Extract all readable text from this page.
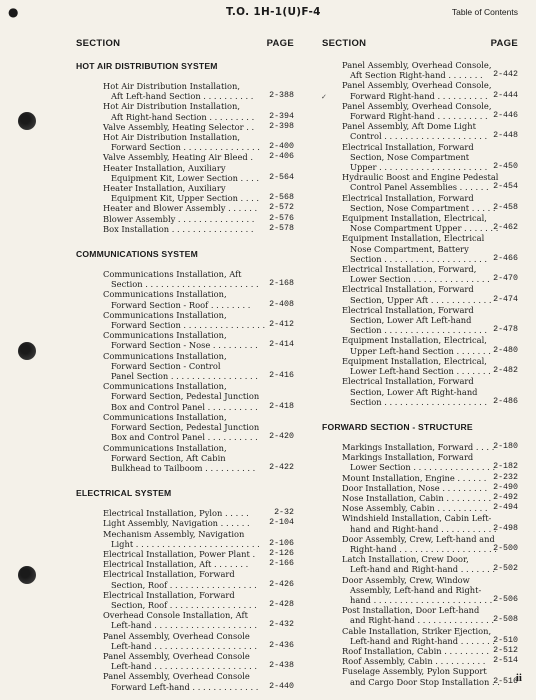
●	T.O. 1H-1(U)F-4	Table of Contents
✓
SECTION	PAGE
HOT AIR DISTRIBUTION SYSTEM
Hot Air Distribution Installation,
Aft Left-hand Section . . . . . . . . . . 2-388
Hot Air Distribution Installation,
Aft Right-hand Section . . . . . . . . . 2-394
Valve Assembly, Heating Selector . . 2-398
Hot Air Distribution Installation,
Forward Section . . . . . . . . . . . . . . . 2-400
Valve Assembly, Heating Air Bleed . 2-406
Heater Installation, Auxiliary
Equipment Kit, Lower Section . . . . 2-564
Heater Installation, Auxiliary
Equipment Kit, Upper Section . . . . 2-568
Heater and Blower Assembly . . . . . . 2-572
Blower Assembly . . . . . . . . . . . . . . . 2-576
Box Installation . . . . . . . . . . . . . . . . 2-578
COMMUNICATIONS SYSTEM
Communications Installation, Aft
Section . . . . . . . . . . . . . . . . . . . . . . 2-168
Communications Installation,
Forward Section - Roof . . . . . . . . 2-408
Communications Installation,
Forward Section . . . . . . . . . . . . . . . . 2-412
Communications Installation,
Forward Section - Nose . . . . . . . . . 2-414
Communications Installation,
Forward Section - Control
Panel Section . . . . . . . . . . . . . . . . . 2-416
Communications Installation,
Forward Section, Pedestal Junction
Box and Control Panel . . . . . . . . . . 2-418
Communications Installation,
Forward Section, Pedestal Junction
Box and Control Panel . . . . . . . . . . 2-420
Communications Installation,
Forward Section, Aft Cabin
Bulkhead to Tailboom . . . . . . . . . . 2-422
ELECTRICAL SYSTEM
Electrical Installation, Pylon . . . . .	2-32
Light Assembly, Navigation . . . . . . 2-104
Mechanism Assembly, Navigation
Light . . . . . . . . . . . . . . . . . . . . . . . . 2-106
Electrical Installation, Power Plant . 2-126
Electrical Installation, Aft . . . . . . .	2-166
Electrical Installation, Forward
Section, Roof . . . . . . . . . . . . . . . . . 2-426
Electrical Installation, Forward
Section, Roof . . . . . . . . . . . . . . . . . 2-428
Overhead Console Installation, Aft
Left-hand . . . . . . . . . . . . . . . . . . . . 2-432
Panel Assembly, Overhead Console
Left-hand . . . . . . . . . . . . . . . . . . . . 2-436
Panel Assembly, Overhead Console
Left-hand . . . . . . . . . . . . . . . . . . . . 2-438
Panel Assembly, Overhead Console
Forward Left-hand . . . . . . . . . . . . . 2-440
SECTION	PAGE
Panel Assembly, Overhead Console,
Aft Section Right-hand . . . . . . . 2-442
Panel Assembly, Overhead Console,
Forward Right-hand . . . . . . . . . . 2-444
Panel Assembly, Overhead Console,
Forward Right-hand . . . . . . . . . . 2-446
Panel Assembly, Aft Dome Light
Control . . . . . . . . . . . . . . . . . . . . 2-448
Electrical Installation, Forward
Section, Nose Compartment
Upper . . . . . . . . . . . . . . . . . . . . . 2-450
Hydraulic Boost and Engine Pedestal
Control Panel Assemblies . . . . . . 2-454
Electrical Installation, Forward
Section, Nose Compartment . . . . .
2-458
Equipment Installation, Electrical,
Nose Compartment Upper . . . . . . .
2-462
Equipment Installation, Electrical
Nose Compartment, Battery
Section . . . . . . . . . . . . . . . . . . . . 2-466
Electrical Installation, Forward,
Lower Section . . . . . . . . . . . . . . . 2-470
Electrical Installation, Forward
Section, Upper Aft . . . . . . . . . . . . 2-474
Electrical Installation, Forward
Section, Lower Aft Left-hand
Section . . . . . . . . . . . . . . . . . . . . 2-478
Equipment Installation, Electrical,
Upper Left-hand Section . . . . . . . 2-480
Equipment Installation, Electrical,
Lower Left-hand Section . . . . . . . 2-482
Electrical Installation, Forward
Section, Lower Aft Right-hand
Section . . . . . . . . . . . . . . . . . . . . 2-486
FORWARD SECTION - STRUCTURE
Markings Installation, Forward . . . .
2-180
Markings Installation, Forward
Lower Section . . . . . . . . . . . . . . . .
2-182
Mount Installation, Engine . . . . . . 2-232
Door Installation, Nose . . . . . . . . . 2-490
Nose Installation, Cabin . . . . . . . . . 2-492
Nose Assembly, Cabin . . . . . . . . . . 2-494
Windshield Installation, Cabin Left-
hand and Right-hand . . . . . . . . . . .
2-498
Door Assembly, Crew, Left-hand and
Right-hand . . . . . . . . . . . . . . . . . . .
2-500
Latch Installation, Crew Door,
Left-hand and Right-hand . . . . . . .
2-502
Door Assembly, Crew, Window
Assembly, Left-hand and Right-
hand . . . . . . . . . . . . . . . . . . . . . . . 2-506
Post Installation, Door Left-hand
and Right-hand . . . . . . . . . . . . . . . 2-508
Cable Installation, Striker Ejection,
Left-hand and Right-hand . . . . . . .
2-510
Roof Installation, Cabin . . . . . . . . . 2-512
Roof Assembly, Cabin . . . . . . . . . . 2-514
Fuselage Assembly, Pylon Support
and Cargo Door Stop Installation . .
2-516
ii
